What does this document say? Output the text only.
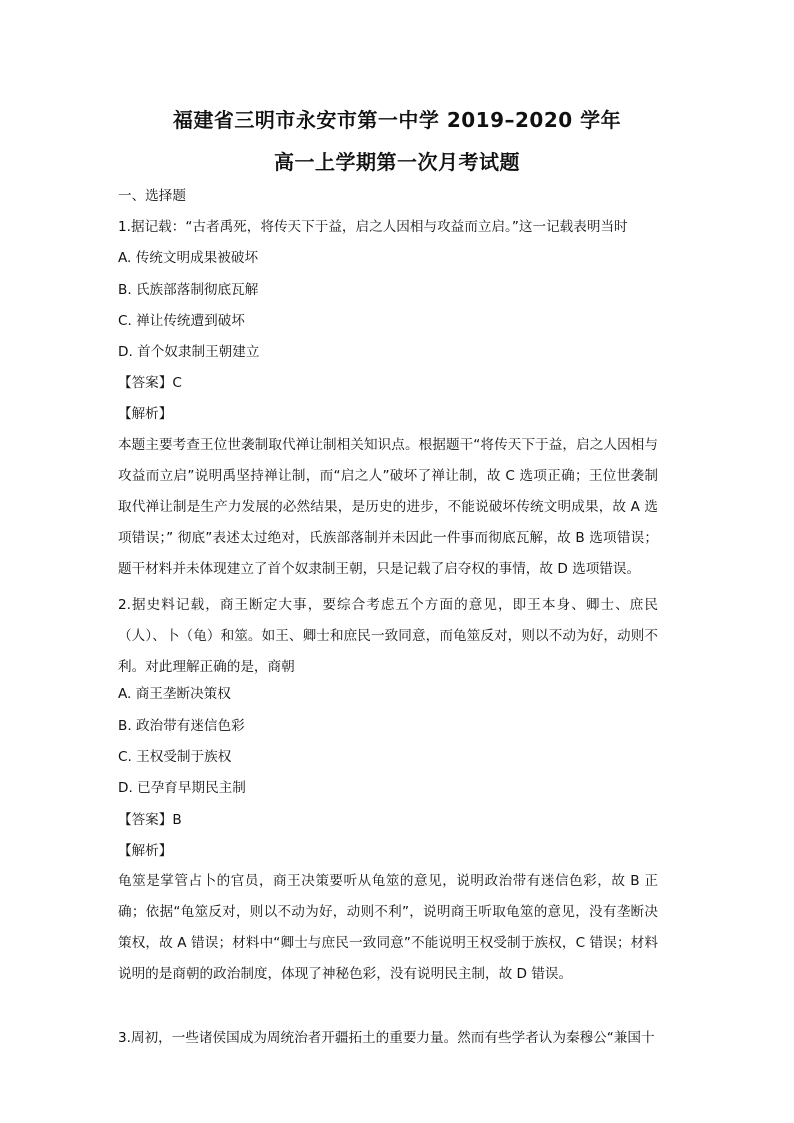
福建省三明市永安市第一中学 2019–2020 学年
高一上学期第一次月考试题
一、选择题
1.据记载：“古者禹死，将传天下于益，启之人因相与攻益而立启。”这一记载表明当时
A. 传统文明成果被破坏
B. 氏族部落制彻底瓦解
C. 禅让传统遭到破坏
D. 首个奴隶制王朝建立
【答案】C
【解析】
本题主要考查王位世袭制取代禅让制相关知识点。根据题干“将传天下于益，启之人因相与攻益而立启”说明禹坚持禅让制，而“启之人”破坏了禅让制，故 C 选项正确；王位世袭制取代禅让制是生产力发展的必然结果，是历史的进步，不能说破坏传统文明成果，故 A 选项错误；” 彻底”表述太过绝对，氏族部落制并未因此一件事而彻底瓦解，故 B 选项错误；题干材料并未体现建立了首个奴隶制王朝，只是记载了启夺权的事情，故 D 选项错误。
2.据史料记载，商王断定大事，要综合考虑五个方面的意见，即王本身、卿士、庶民（人）、卜（龟）和筮。如王、卿士和庶民一致同意，而龟筮反对，则以不动为好，动则不利。对此理解正确的是，商朝
A. 商王垄断决策权
B. 政治带有迷信色彩
C. 王权受制于族权
D. 已孕育早期民主制
【答案】B
【解析】
龟筮是掌管占卜的官员，商王决策要听从龟筮的意见，说明政治带有迷信色彩，故 B 正确；依据“龟筮反对，则以不动为好，动则不利”，说明商王听取龟筮的意见，没有垄断决策权，故 A 错误；材料中“卿士与庶民一致同意”不能说明王权受制于族权，C 错误；材料说明的是商朝的政治制度，体现了神秘色彩，没有说明民主制，故 D 错误。
3.周初，一些诸侯国成为周统治者开疆拓土的重要力量。然而有些学者认为秦穆公“兼国十
